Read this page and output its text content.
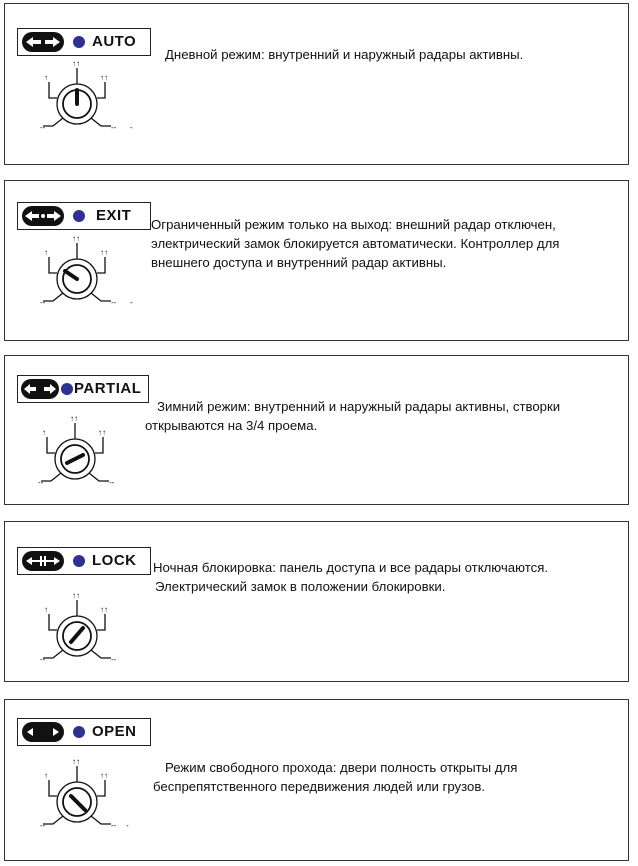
AUTO
↑
↑↑
↑↑
--	-- -
Дневной режим: внутренний и наружный радары активны.
EXIT
↑
↑↑
↑↑
--	-- -
Ограниченный режим только на выход: внешний радар отключен,
электрический замок блокируется автоматически. Контроллер для
внешнего доступа и внутренний радар активны.
PARTIAL
↑
↑↑
↑↑
--	--
Зимний режим: внутренний и наружный радары активны, створки
открываются на 3/4 проема.
LOCK
↑
↑↑
↑↑
--	--
Ночная блокировка: панель доступа и все радары отключаются.
Электрический замок в положении блокировки.
OPEN
↑
↑↑
↑↑
--	-- -
Режим свободного прохода: двери полность открыты для
беспрепятственного передвижения людей или грузов.
